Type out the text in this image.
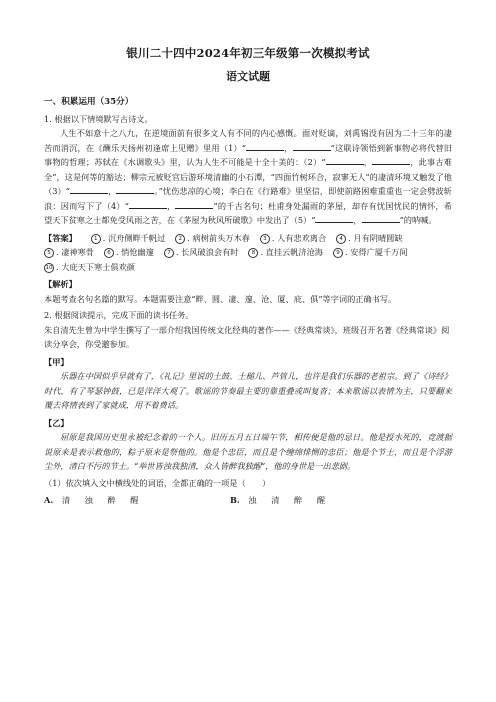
银川二十四中2024年初三年级第一次模拟考试
语文试题

一、积累运用（35分）

1. 根据以下情境默写古诗文。

人生不如意十之八九，在逆境面前有很多文人有不同的内心感慨。面对贬谪，刘禹锡没有因为二十三年的凄苦而消沉，在《酬乐天扬州初逢席上见赠》里用（1）“	，	”这联诗领悟到新事物必将代替旧事物的哲理；苏轼在《水调歌头》里，认为人生不可能是十全十美的：（2）“	，	，此事古难全”，这是何等的豁达；柳宗元被贬官后游环境清幽的小石潭，“四面竹树环合，寂寥无人”的凄清环境又触发了他（3）“	，	。”忧伤悲凉的心境；李白在《行路难》里坚信，即使前路困难重重也一定会劈波斩浪：因而写下了（4）“	，	”的千古名句；杜甫身处漏雨的茅屋，却存有忧国忧民的情怀，希望天下贫寒之士都免受风雨之苦，在《茅屋为秋风所破歌》中发出了（5）“	，	”的呐喊。

【答案】	1 . 沉舟侧畔千帆过	2 . 病树前头万木春	3 . 人有悲欢离合	4 . 月有阴晴圆缺
5 . 凄神寒骨	6 . 悄怆幽邃	7 . 长风破浪会有时	8 . 直挂云帆济沧海	9 . 安得广厦千万间
10 . 大庇天下寒士俱欢颜

【解析】

本题考查名句名篇的默写。本题需要注意“畔、圆、凄、邃、沧、厦、庇、俱”等字词的正确书写。

2. 根据阅读提示，完成下面的读书任务。

朱自清先生曾为中学生撰写了一部介绍我国传统文化经典的著作——《经典常谈》，班级召开名著《经典常谈》阅读分享会，你受邀参加。

【甲】

乐器在中国似乎早就有了，《礼记》里说的土鼓、土槌儿、芦管儿，也许是我们乐器的老祖宗。到了《诗经》时代，有了琴瑟钟鼓，已是洋洋大观了。歌谣的节奏最主要的靠重叠或叫复沓；本来歌谣以表情为主，只要翻来覆去将情表到了家就成，用不着费话。

【乙】

屈原是我国历史里永被纪念着的一个人。旧历五月五日端午节，相传便是他的忌日。他是投水死的，竞渡据说原来是表示救他的，粽子原来是祭他的。他是个忠臣，而且是个缠绵悱恻的忠臣；他是个节士，而且是个浮游尘外，清白不污的节士。“举世皆浊我独清，众人皆醉我独醒”，他的身世是一出悲剧。

（1）依次填入文中横线处的词语，全都正确的一项是（　　）

A. 清 浊 醉 醒	B. 浊 清 醉 醒
